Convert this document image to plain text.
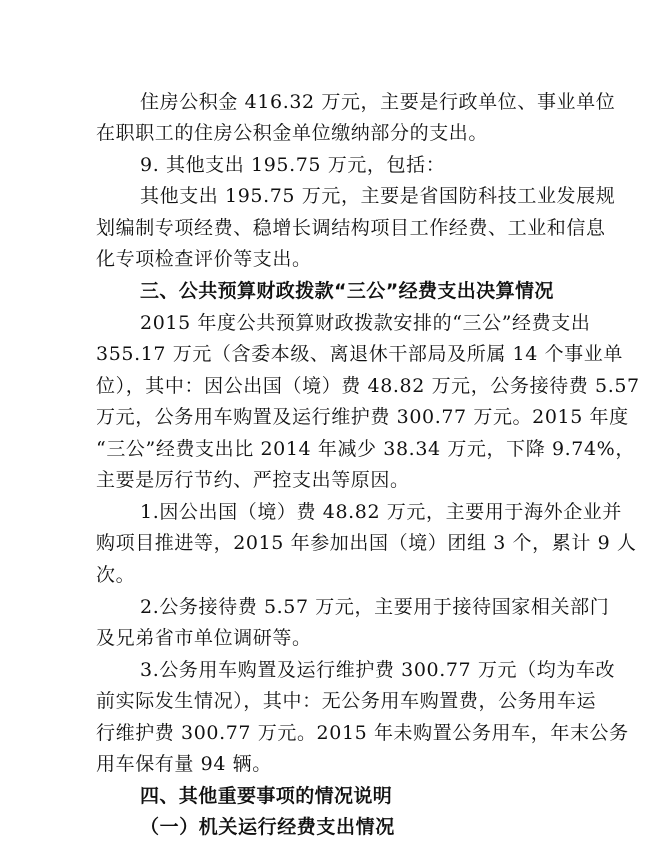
住房公积金 416.32 万元，主要是行政单位、事业单位
在职职工的住房公积金单位缴纳部分的支出。
9. 其他支出 195.75 万元，包括：
其他支出 195.75 万元，主要是省国防科技工业发展规
划编制专项经费、稳增长调结构项目工作经费、工业和信息
化专项检查评价等支出。
三、公共预算财政拨款“三公”经费支出决算情况
2015 年度公共预算财政拨款安排的“三公”经费支出
355.17 万元（含委本级、离退休干部局及所属 14 个事业单
位），其中：因公出国（境）费 48.82 万元，公务接待费 5.57
万元，公务用车购置及运行维护费 300.77 万元。2015 年度
“三公”经费支出比 2014 年减少 38.34 万元，下降 9.74%，
主要是厉行节约、严控支出等原因。
1.因公出国（境）费 48.82 万元，主要用于海外企业并
购项目推进等，2015 年参加出国（境）团组 3 个，累计 9 人
次。
2.公务接待费 5.57 万元，主要用于接待国家相关部门
及兄弟省市单位调研等。
3.公务用车购置及运行维护费 300.77 万元（均为车改
前实际发生情况），其中：无公务用车购置费，公务用车运
行维护费 300.77 万元。2015 年未购置公务用车，年末公务
用车保有量 94 辆。
四、其他重要事项的情况说明
（一）机关运行经费支出情况
